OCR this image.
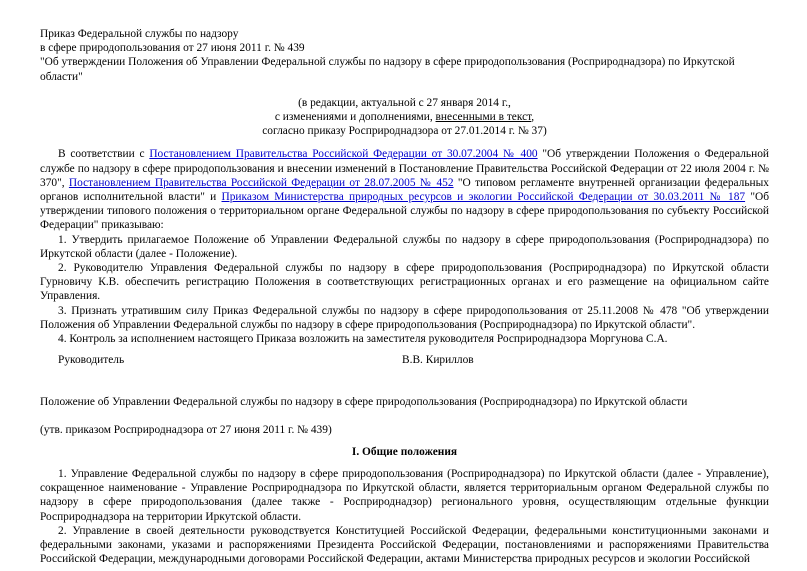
Приказ Федеральной службы по надзору
в сфере природопользования от 27 июня 2011 г. № 439
"Об утверждении Положения об Управлении Федеральной службы по надзору в сфере природопользования (Росприроднадзора) по Иркутской области"
(в редакции, актуальной с 27 января 2014 г.,
с изменениями и дополнениями, внесенными в текст,
согласно приказу Росприроднадзора от 27.01.2014 г. № 37)

В соответствии с Постановлением Правительства Российской Федерации от 30.07.2004 № 400 "Об утверждении Положения о Федеральной службе по надзору в сфере природопользования и внесении изменений в Постановление Правительства Российской Федерации от 22 июля 2004 г. № 370", Постановлением Правительства Российской Федерации от 28.07.2005 № 452 "О типовом регламенте внутренней организации федеральных органов исполнительной власти" и Приказом Министерства природных ресурсов и экологии Российской Федерации от 30.03.2011 № 187 "Об утверждении типового положения о территориальном органе Федеральной службы по надзору в сфере природопользования по субъекту Российской Федерации" приказываю:

1. Утвердить прилагаемое Положение об Управлении Федеральной службы по надзору в сфере природопользования (Росприроднадзора) по Иркутской области (далее - Положение).

2. Руководителю Управления Федеральной службы по надзору в сфере природопользования (Росприроднадзора) по Иркутской области Гурновичу К.В. обеспечить регистрацию Положения в соответствующих регистрационных органах и его размещение на официальном сайте Управления.

3. Признать утратившим силу Приказ Федеральной службы по надзору в сфере природопользования от 25.11.2008 № 478 "Об утверждении Положения об Управлении Федеральной службы по надзору в сфере природопользования (Росприроднадзора) по Иркутской области".

4. Контроль за исполнением настоящего Приказа возложить на заместителя руководителя Росприроднадзора Моргунова С.А.

Руководитель	В.В. Кириллов
Положение об Управлении Федеральной службы по надзору в сфере природопользования (Росприроднадзора) по Иркутской области
(утв. приказом Росприроднадзора от 27 июня 2011 г. № 439)
I. Общие положения

1. Управление Федеральной службы по надзору в сфере природопользования (Росприроднадзора) по Иркутской области (далее - Управление), сокращенное наименование - Управление Росприроднадзора по Иркутской области, является территориальным органом Федеральной службы по надзору в сфере природопользования (далее также - Росприроднадзор) регионального уровня, осуществляющим отдельные функции Росприроднадзора на территории Иркутской области.

2. Управление в своей деятельности руководствуется Конституцией Российской Федерации, федеральными конституционными законами и федеральными законами, указами и распоряжениями Президента Российской Федерации, постановлениями и распоряжениями Правительства Российской Федерации, международными договорами Российской Федерации, актами Министерства природных ресурсов и экологии Российской
